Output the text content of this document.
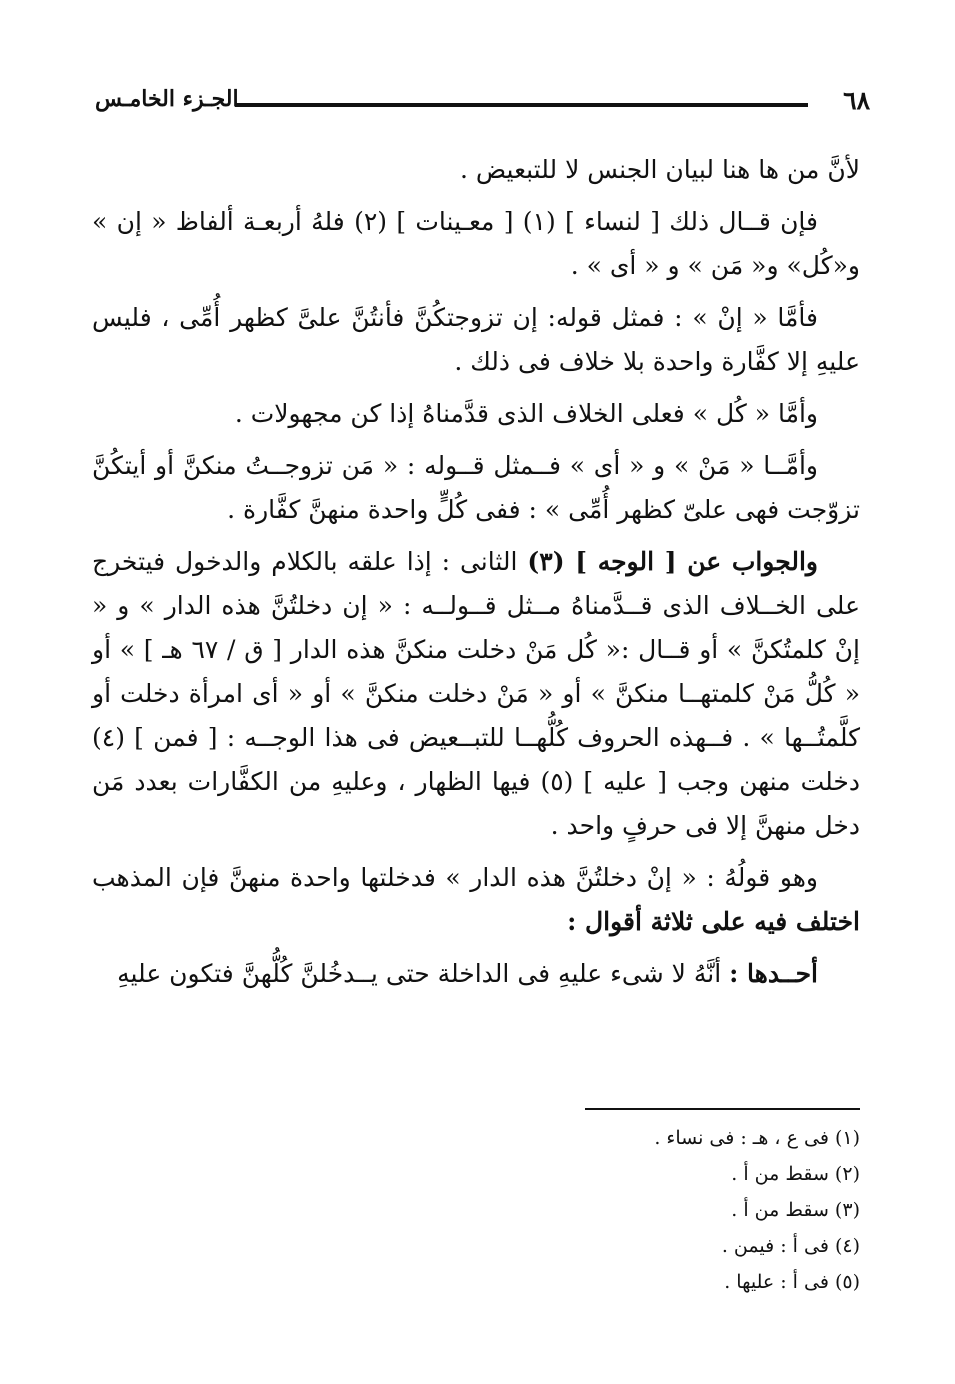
٦٨
الجـزء الخامـس

لأنَّ من ها هنا لبيان الجنس لا للتبعيض .

فإن قــال ذلك [ لنساء ] (١) [ معـينات ] (٢) فلهُ أربعـة ألفاظ « إن » و«كُل» و« مَن » و « أى » .

فأمَّا « إنْ » : فمثل قوله: إن تزوجتكُنَّ فأنتُنَّ علىَّ كظهر أُمِّى ، فليس عليهِ إلا كفَّارة واحدة بلا خلاف فى ذلك .

وأمَّا « كُل » فعلى الخلاف الذى قدَّمناهُ إذا كن مجهولات .

وأمَّــا « مَنْ » و « أى » فــمثل قــوله : « مَن تزوجــتُ منكنَّ أو أيتكُنَّ تزوّجت فهى علىّ كظهر أُمِّى » : ففى كُلٍّ واحدة منهنَّ كفَّارة .

والجواب عن [ الوجه ] (٣) الثانى : إذا علقه بالكلام والدخول فيتخرج على الخــلاف الذى قــدَّمناهُ مــثل قــولــه : « إن دخلتُنَّ هذه الدار » و « إنْ كلمتُكنَّ » أو قــال :« كُل مَنْ دخلت منكنَّ هذه الدار [ ق / ٦٧ هـ ] » أو « كُلُّ مَنْ كلمتهــا منكنَّ » أو « مَنْ دخلت منكنَّ » أو « أى امرأة دخلت أو كلَّمتُــها » . فــهذه الحروف كُلُّهــا للتبــعيض فى هذا الوجــه : [ فمن ] (٤) دخلت منهن وجب [ عليه ] (٥) فيها الظهار ، وعليهِ من الكفَّارات بعدد مَن دخل منهنَّ إلا فى حرفٍ واحد .

وهو قولُهُ : « إنْ دخلتُنَّ هذه الدار » فدخلتها واحدة منهنَّ فإن المذهب اختلف فيه على ثلاثة أقوال :

أحــدها : أنَّهُ لا شىء عليهِ فى الداخلة حتى يــدخُلنَّ كُلُّهنَّ فتكون عليهِ

(١) فى ع ، هـ : فى نساء .
(٢) سقط من أ .
(٣) سقط من أ .
(٤) فى أ : فيمن .
(٥) فى أ : عليها .
